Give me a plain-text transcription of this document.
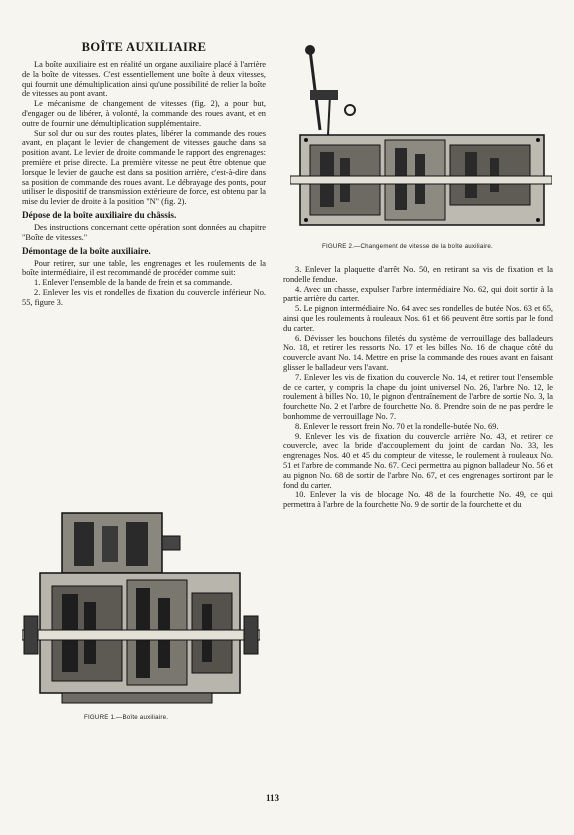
BOÎTE AUXILIAIRE

La boîte auxiliaire est en réalité un organe auxiliaire placé à l'arrière de la boîte de vitesses. C'est essentiellement une boîte à deux vitesses, qui fournit une démultiplication ainsi qu'une possibilité de relier la boîte de vitesses au pont avant.

Le mécanisme de changement de vitesses (fig. 2), a pour but, d'engager ou de libérer, à volonté, la commande des roues avant, et en outre de fournir une démultiplication supplémentaire.

Sur sol dur ou sur des routes plates, libérer la commande des roues avant, en plaçant le levier de changement de vitesses gauche dans sa position avant. Le levier de droite commande le rapport des engrenages: première et prise directe. La première vitesse ne peut être obtenue que lorsque le levier de gauche est dans sa position arrière, c'est-à-dire dans sa position de commande des roues avant. Le débrayage des ponts, pour utiliser le dispositif de transmission extérieure de force, est obtenu par la mise du levier de droite à la position "N" (fig. 2).

Dépose de la boîte auxiliaire du châssis.

Des instructions concernant cette opération sont données au chapitre "Boîte de vitesses."

Démontage de la boîte auxiliaire.

Pour retirer, sur une table, les engrenages et les roulements de la boîte intermédiaire, il est recommandé de procéder comme suit:

1. Enlever l'ensemble de la bande de frein et sa commande.

2. Enlever les vis et rondelles de fixation du couvercle inférieur No. 55, figure 3.

FIGURE 2.—Changement de vitesse de la boîte auxiliaire.

3. Enlever la plaquette d'arrêt No. 50, en retirant sa vis de fixation et la rondelle fendue.

4. Avec un chasse, expulser l'arbre intermédiaire No. 62, qui doit sortir à la partie arrière du carter.

5. Le pignon intermédiaire No. 64 avec ses rondelles de butée Nos. 63 et 65, ainsi que les roulements à rouleaux Nos. 61 et 66 peuvent être sortis par le fond du carter.

6. Dévisser les bouchons filetés du système de verrouillage des balladeurs No. 18, et retirer les ressorts No. 17 et les billes No. 16 de chaque côté du couvercle avant No. 14. Mettre en prise la commande des roues avant en faisant glisser le balladeur vers l'avant.

7. Enlever les vis de fixation du couvercle No. 14, et retirer tout l'ensemble de ce carter, y compris la chape du joint universel No. 26, l'arbre No. 12, le roulement à billes No. 10, le pignon d'entraînement de l'arbre de sortie No. 3, la fourchette No. 2 et l'arbre de fourchette No. 8. Prendre soin de ne pas perdre le bonhomme de verrouillage No. 7.

8. Enlever le ressort frein No. 70 et la rondelle-butée No. 69.

9. Enlever les vis de fixation du couvercle arrière No. 43, et retirer ce couvercle, avec la bride d'accouplement du joint de cardan No. 33, les engrenages Nos. 40 et 45 du compteur de vitesse, le roulement à rouleaux No. 51 et l'arbre de commande No. 67. Ceci permettra au pignon balladeur No. 56 et au pignon No. 68 de sortir de l'arbre No. 67, et ces engrenages sortiront par le fond du carter.

10. Enlever la vis de blocage No. 48 de la fourchette No. 49, ce qui permettra à l'arbre de la fourchette No. 9 de sortir de la fourchette et du

FIGURE 1.—Boîte auxiliaire.
113
